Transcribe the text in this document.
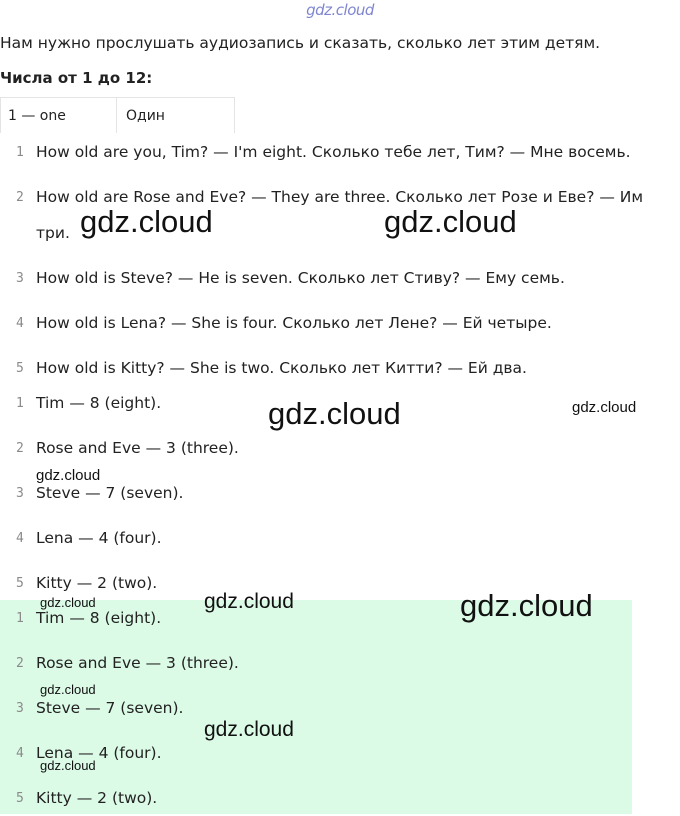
gdz.cloud
Нам нужно прослушать аудиозапись и сказать, сколько лет этим детям.
Числа от 1 до 12:
1 — one	Один
1 How old are you, Tim? — I'm eight. Сколько тебе лет, Тим? — Мне восемь.
2 How old are Rose and Eve? — They are three. Сколько лет Розе и Еве? — Им три.
3 How old is Steve? — He is seven. Сколько лет Стиву? — Ему семь.
4 How old is Lena? — She is four. Сколько лет Лене? — Ей четыре.
5 How old is Kitty? — She is two. Сколько лет Китти? — Ей два.
1 Tim — 8 (eight).
2 Rose and Eve — 3 (three).
3 Steve — 7 (seven).
4 Lena — 4 (four).
5 Kitty — 2 (two).
1 Tim — 8 (eight).
2 Rose and Eve — 3 (three).
3 Steve — 7 (seven).
4 Lena — 4 (four).
5 Kitty — 2 (two).
gdz.cloud	gdz.cloud
gdz.cloud	gdz.cloud
gdz.cloud
gdz.cloud	gdz.cloud	gdz.cloud
gdz.cloud
gdz.cloud
gdz.cloud
